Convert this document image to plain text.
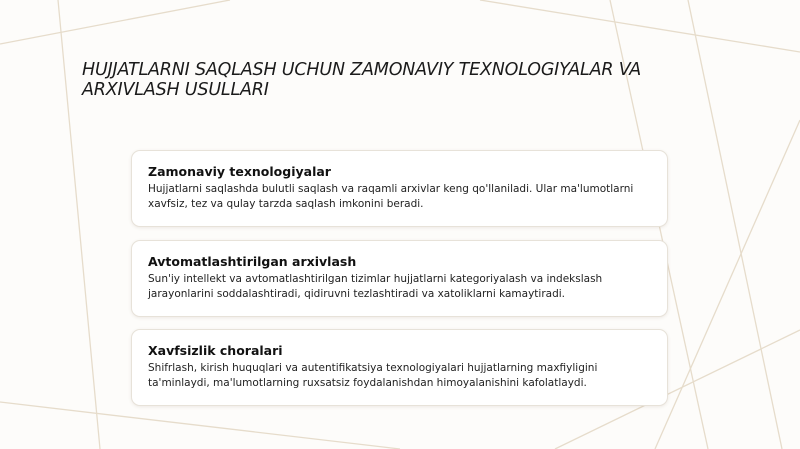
HUJJATLARNI SAQLASH UCHUN ZAMONAVIY TEXNOLOGIYALAR VA ARXIVLASH USULLARI
Zamonaviy texnologiyalar

Hujjatlarni saqlashda bulutli saqlash va raqamli arxivlar keng qo'llaniladi. Ular ma'lumotlarni xavfsiz, tez va qulay tarzda saqlash imkonini beradi.

Avtomatlashtirilgan arxivlash

Sun'iy intellekt va avtomatlashtirilgan tizimlar hujjatlarni kategoriyalash va indekslash jarayonlarini soddalashtiradi, qidiruvni tezlashtiradi va xatoliklarni kamaytiradi.

Xavfsizlik choralari

Shifrlash, kirish huquqlari va autentifikatsiya texnologiyalari hujjatlarning maxfiyligini ta'minlaydi, ma'lumotlarning ruxsatsiz foydalanishdan himoyalanishini kafolatlaydi.
